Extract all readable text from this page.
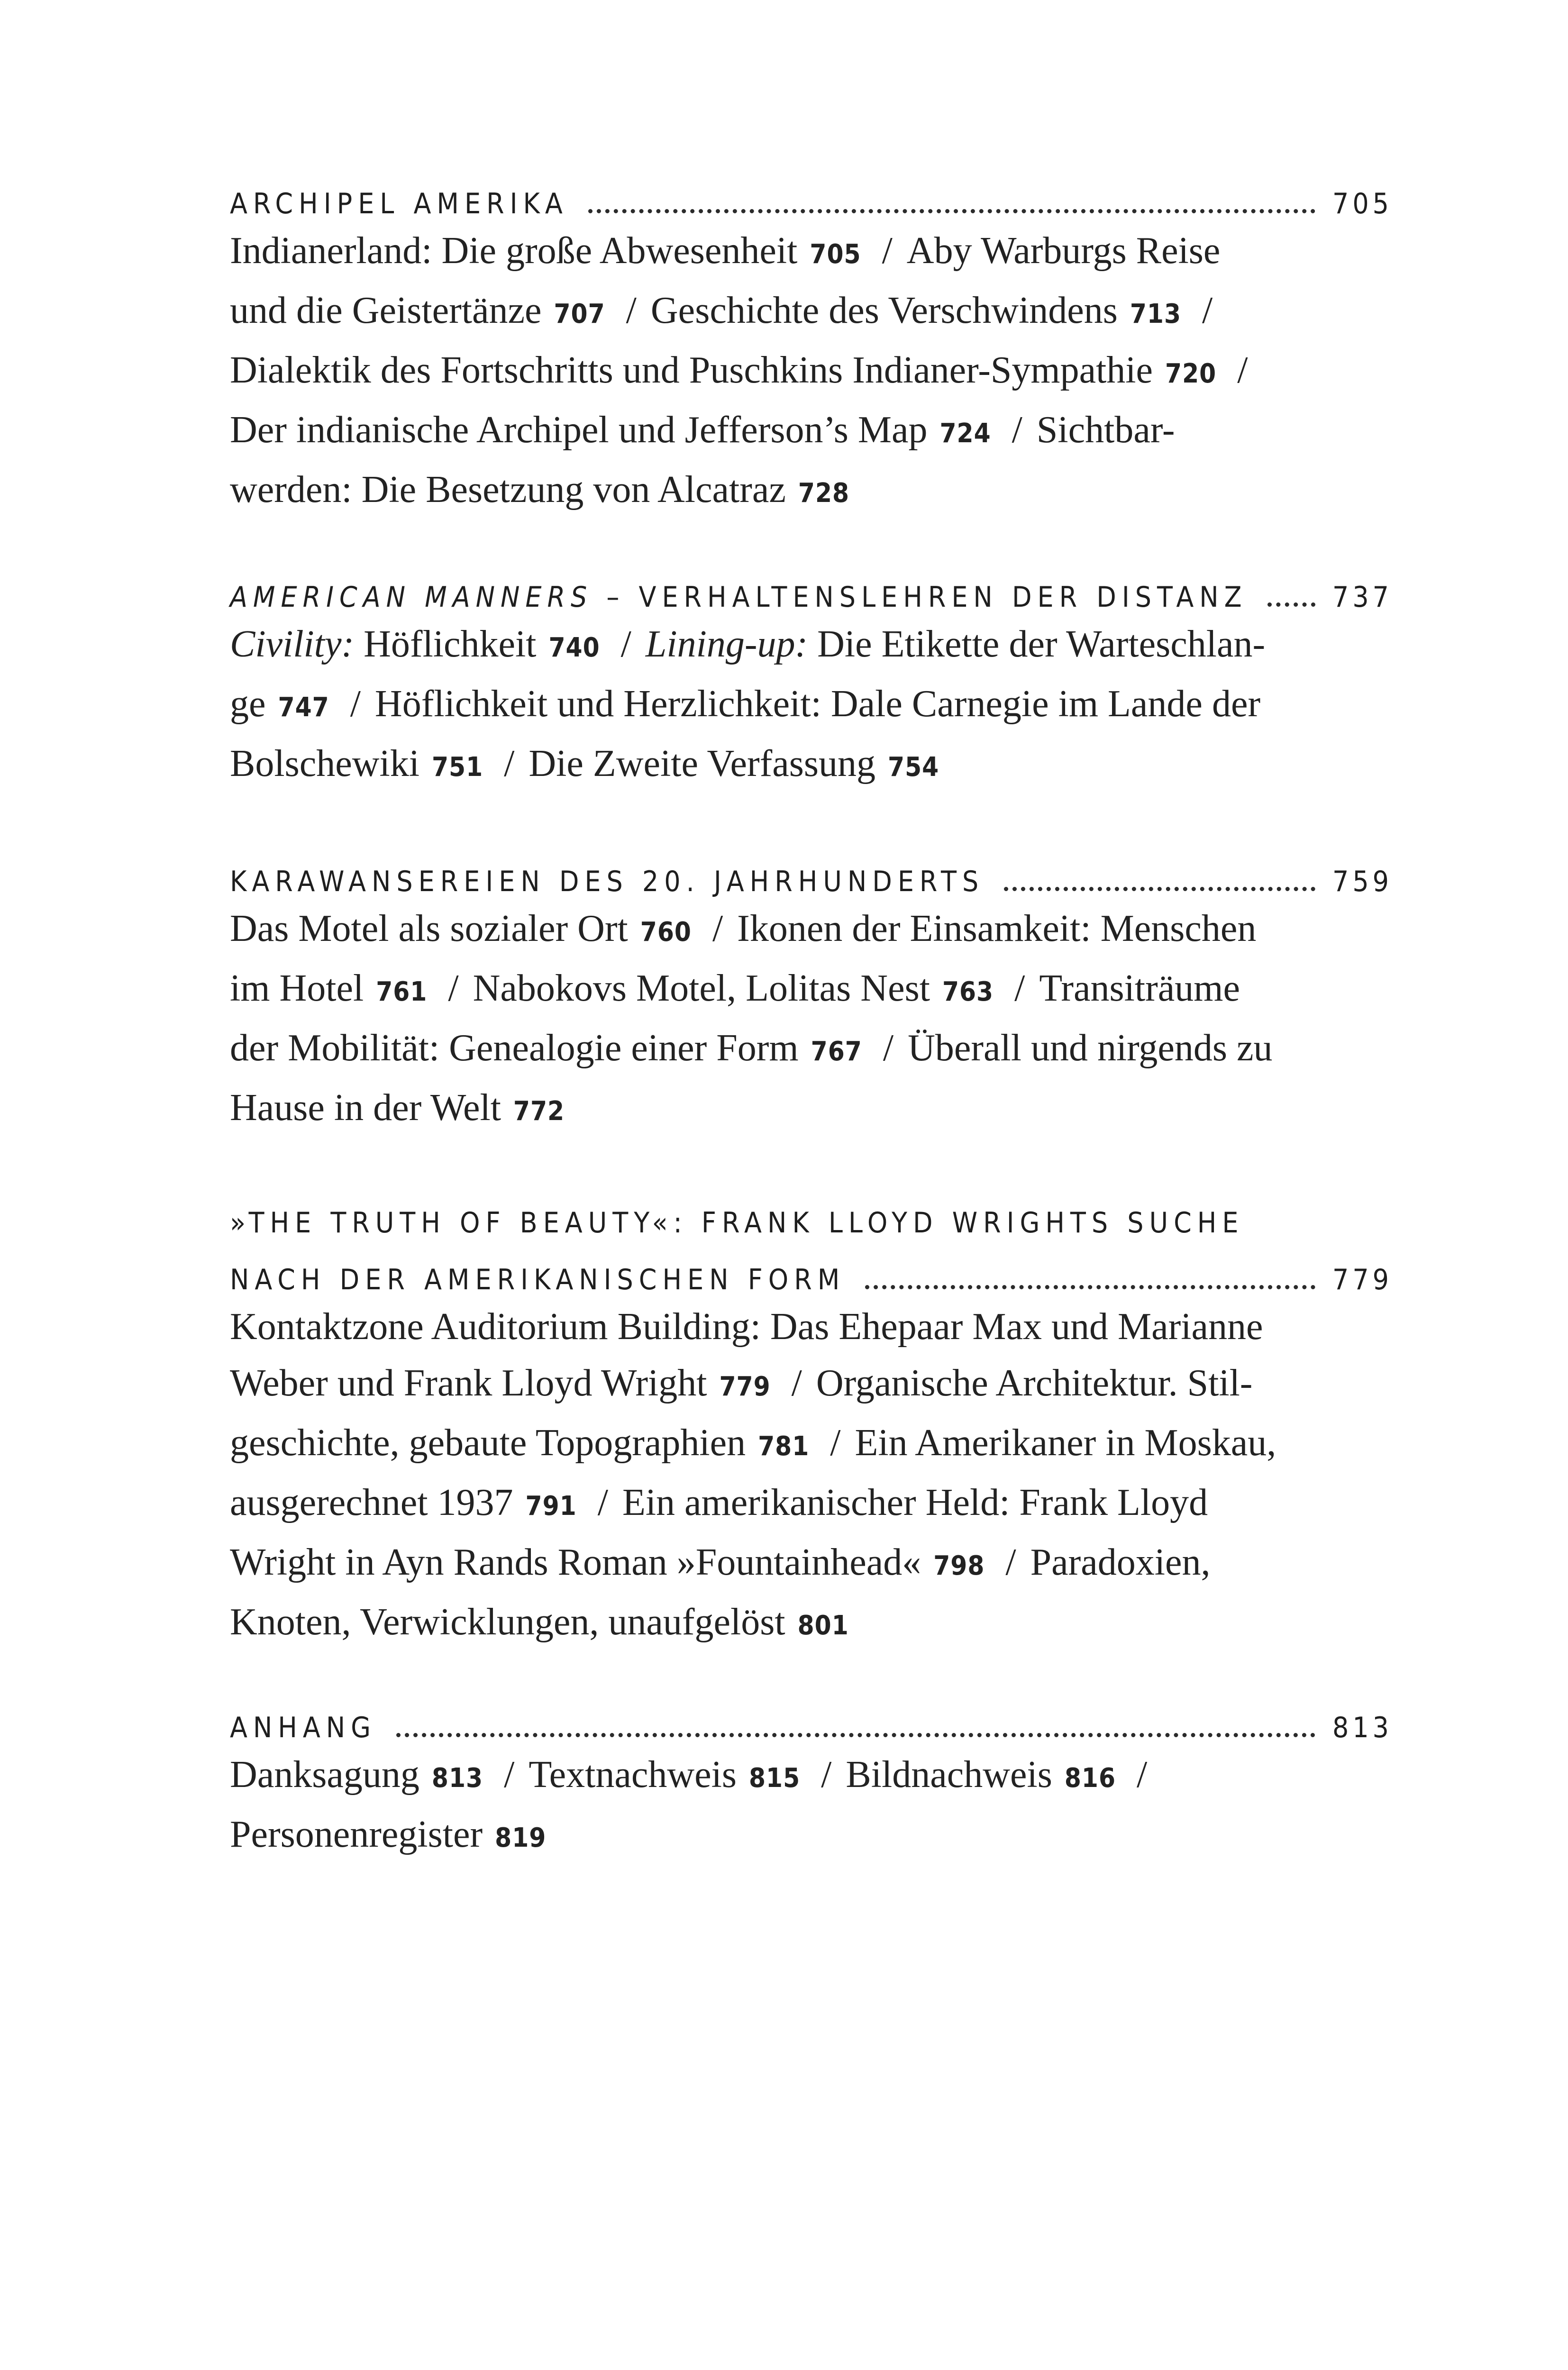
ARCHIPEL AMERIKA	705
Indianerland: Die große Abwesenheit 705 / Aby Warburgs Reise
und die Geistertänze 707 / Geschichte des Verschwindens 713 /
Dialektik des Fortschritts und Puschkins Indianer-Sympathie 720 /
Der indianische Archipel und Jefferson’s Map 724 / Sichtbar-
werden: Die Besetzung von Alcatraz 728
AMERICAN MANNERS – VERHALTENSLEHREN DER DISTANZ	737
Civility: Höflichkeit 740 / Lining-up: Die Etikette der Warteschlan-
ge 747 / Höflichkeit und Herzlichkeit: Dale Carnegie im Lande der
Bolschewiki 751 / Die Zweite Verfassung 754
KARAWANSEREIEN DES 20. JAHRHUNDERTS	759
Das Motel als sozialer Ort 760 / Ikonen der Einsamkeit: Menschen
im Hotel 761 / Nabokovs Motel, Lolitas Nest 763 / Transiträume
der Mobilität: Genealogie einer Form 767 / Überall und nirgends zu
Hause in der Welt 772
»THE TRUTH OF BEAUTY«: FRANK LLOYD WRIGHTS SUCHE
NACH DER AMERIKANISCHEN FORM	779
Kontaktzone Auditorium Building: Das Ehepaar Max und Marianne
Weber und Frank Lloyd Wright 779 / Organische Architektur. Stil-
geschichte, gebaute Topographien 781 / Ein Amerikaner in Moskau,
ausgerechnet 1937 791 / Ein amerikanischer Held: Frank Lloyd
Wright in Ayn Rands Roman »Fountainhead« 798 / Paradoxien,
Knoten, Verwicklungen, unaufgelöst 801
ANHANG	813
Danksagung 813 / Textnachweis 815 / Bildnachweis 816 /
Personenregister 819
